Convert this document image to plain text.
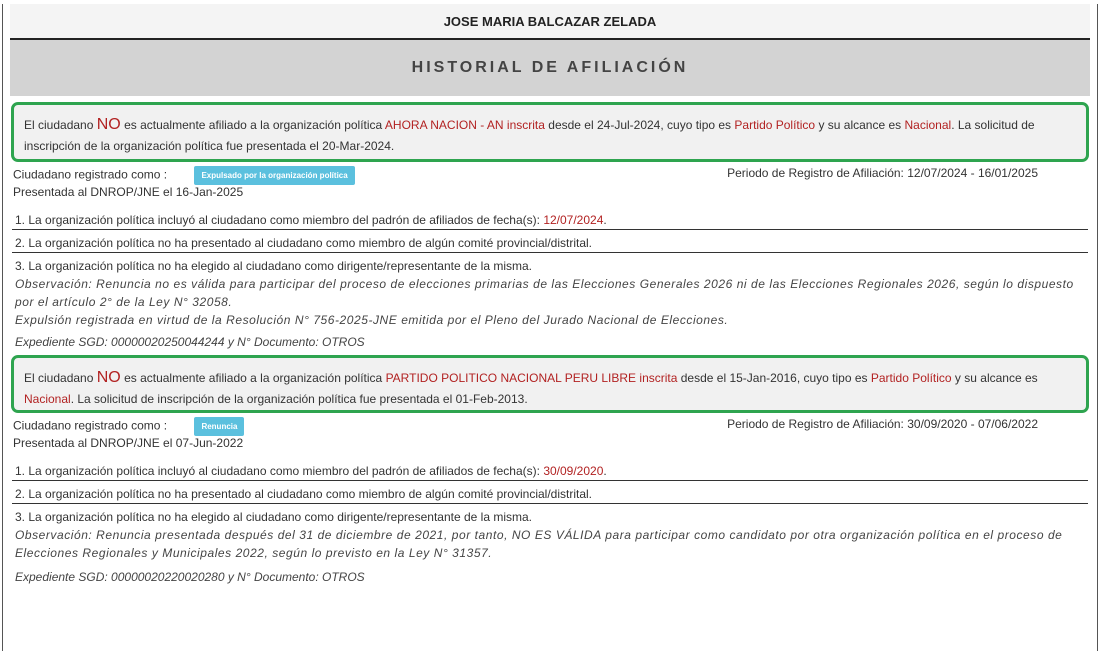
JOSE MARIA BALCAZAR ZELADA
HISTORIAL DE AFILIACIÓN
El ciudadano NO es actualmente afiliado a la organización política AHORA NACION - AN inscrita desde el 24-Jul-2024, cuyo tipo es Partido Político y su alcance es Nacional. La solicitud de inscripción de la organización política fue presentada el 20-Mar-2024.
Ciudadano registrado como :	Expulsado por la organización política
Presentada al DNROP/JNE el 16-Jan-2025
Periodo de Registro de Afiliación: 12/07/2024 - 16/01/2025
1. La organización política incluyó al ciudadano como miembro del padrón de afiliados de fecha(s): 12/07/2024.
2. La organización política no ha presentado al ciudadano como miembro de algún comité provincial/distrital.
3. La organización política no ha elegido al ciudadano como dirigente/representante de la misma.
Observación: Renuncia no es válida para participar del proceso de elecciones primarias de las Elecciones Generales 2026 ni de las Elecciones Regionales 2026, según lo dispuesto por el artículo 2° de la Ley N° 32058.
Expulsión registrada en virtud de la Resolución N° 756-2025-JNE emitida por el Pleno del Jurado Nacional de Elecciones.
Expediente SGD: 00000020250044244 y N° Documento: OTROS
El ciudadano NO es actualmente afiliado a la organización política PARTIDO POLITICO NACIONAL PERU LIBRE inscrita desde el 15-Jan-2016, cuyo tipo es Partido Político y su alcance es Nacional. La solicitud de inscripción de la organización política fue presentada el 01-Feb-2013.
Ciudadano registrado como :	Renuncia
Presentada al DNROP/JNE el 07-Jun-2022
Periodo de Registro de Afiliación: 30/09/2020 - 07/06/2022
1. La organización política incluyó al ciudadano como miembro del padrón de afiliados de fecha(s): 30/09/2020.
2. La organización política no ha presentado al ciudadano como miembro de algún comité provincial/distrital.
3. La organización política no ha elegido al ciudadano como dirigente/representante de la misma.
Observación: Renuncia presentada después del 31 de diciembre de 2021, por tanto, NO ES VÁLIDA para participar como candidato por otra organización política en el proceso de Elecciones Regionales y Municipales 2022, según lo previsto en la Ley N° 31357.
Expediente SGD: 00000020220020280 y N° Documento: OTROS
